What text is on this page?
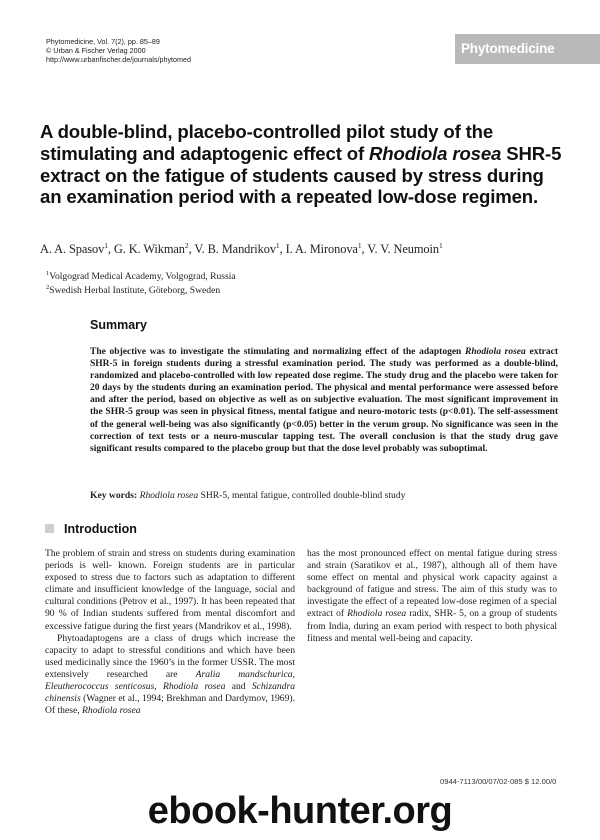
Phytomedicine, Vol. 7(2), pp. 85–89
© Urban & Fischer Verlag 2000
http://www.urbanfischer.de/journals/phytomed
Phytomedicine
A double-blind, placebo-controlled pilot study of the stimulating and adaptogenic effect of Rhodiola rosea SHR-5 extract on the fatigue of students caused by stress during an examination period with a repeated low-dose regimen.
A. A. Spasov$^1$, G. K. Wikman$^2$, V. B. Mandrikov$^1$, I. A. Mironova$^1$, V. V. Neumoin$^1$
$^1$Volgograd Medical Academy, Volgograd, Russia
$^2$Swedish Herbal Institute, Göteborg, Sweden
Summary
The objective was to investigate the stimulating and normalizing effect of the adaptogen Rhodiola rosea extract SHR-5 in foreign students during a stressful examination period. The study was performed as a double-blind, randomized and placebo-controlled with low repeated dose regime. The study drug and the placebo were taken for 20 days by the students during an examination period. The physical and mental performance were assessed before and after the period, based on objective as well as on subjective evaluation. The most significant improvement in the SHR-5 group was seen in physical fitness, mental fatigue and neuro-motoric tests (p<0.01). The self-assessment of the general well-being was also significantly (p<0.05) better in the verum group. No significance was seen in the correction of text tests or a neuro-muscular tapping test. The overall conclusion is that the study drug gave significant results compared to the placebo group but that the dose level probably was suboptimal.
Key words: Rhodiola rosea SHR-5, mental fatigue, controlled double-blind study
Introduction

The problem of strain and stress on students during examination periods is well- known. Foreign students are in particular exposed to stress due to factors such as adaptation to different climate and insufficient knowledge of the language, social and cultural conditions (Petrov et al., 1997). It has been repeated that 90 % of Indian students suffered from mental discomfort and excessive fatigue during the first years (Mandrikov et al., 1998).

Phytoadaptogens are a class of drugs which increase the capacity to adapt to stressful conditions and which have been used medicinally since the 1960’s in the former USSR. The most extensively researched are Aralia mandschurica, Eleutherococcus senticosus, Rhodiola rosea and Schizandra chinensis (Wagner et al., 1994; Brekhman and Dardymov, 1969). Of these, Rhodiola rosea

has the most pronounced effect on mental fatigue during stress and strain (Saratikov et al., 1987), although all of them have some effect on mental and physical work capacity against a background of fatigue and stress. The aim of this study was to investigate the effect of a repeated low-dose regimen of a special extract of Rhodiola rosea radix, SHR- 5, on a group of students from India, during an exam period with respect to both physical fitness and mental well-being and capacity.

0944-7113/00/07/02-085 $ 12.00/0
ebook-hunter.org
